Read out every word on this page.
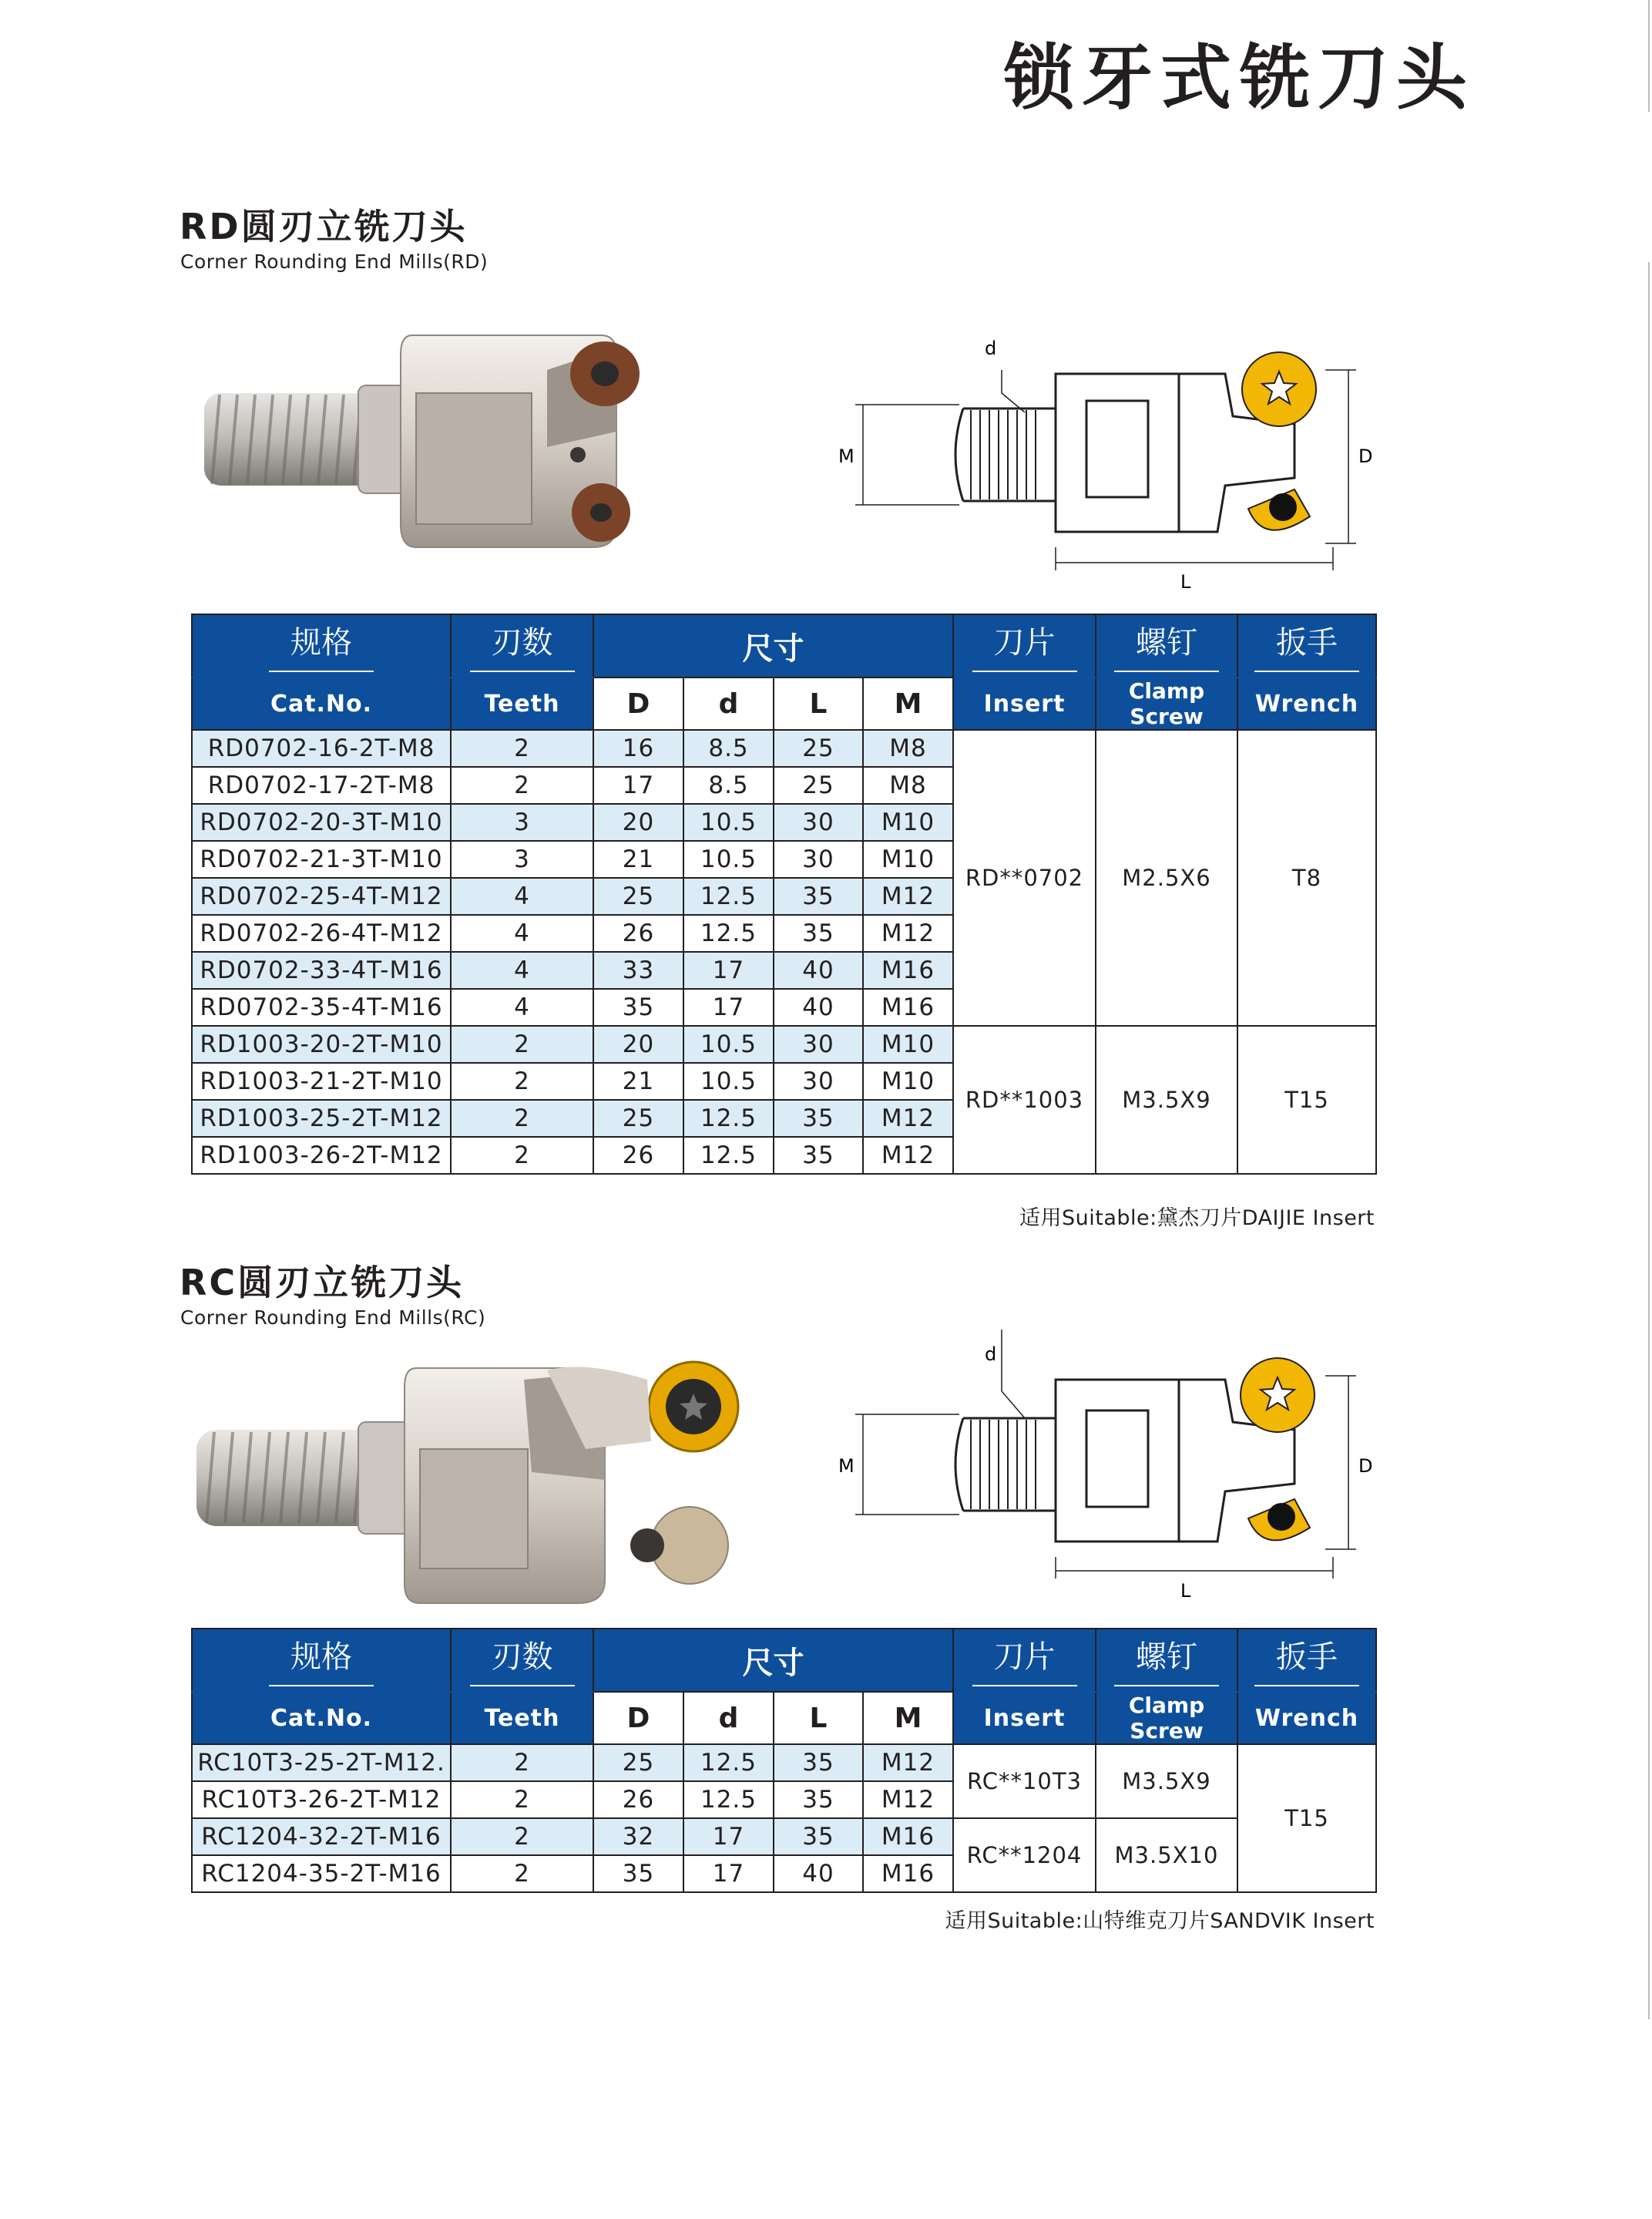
锁牙式铣刀头
RD圆刃立铣刀头
Corner Rounding End Mills(RD)
d
M	D
L
规格	刃数	尺寸				刀片	螺钉	扳手
Cat.No.	Teeth	D	d	L	M	Insert	Clamp Screw	Wrench
RD0702-16-2T-M8	2	16	8.5	25	M8	RD**0702	M2.5X6	T8
RD0702-17-2T-M8	2	17	8.5	25	M8			
RD0702-20-3T-M10	3	20	10.5	30	M10			
RD0702-21-3T-M10	3	21	10.5	30	M10			
RD0702-25-4T-M12	4	25	12.5	35	M12			
RD0702-26-4T-M12	4	26	12.5	35	M12			
RD0702-33-4T-M16	4	33	17	40	M16			
RD0702-35-4T-M16	4	35	17	40	M16			
RD1003-20-2T-M10	2	20	10.5	30	M10	RD**1003	M3.5X9	T15
RD1003-21-2T-M10	2	21	10.5	30	M10			
RD1003-25-2T-M12	2	25	12.5	35	M12			
RD1003-26-2T-M12	2	26	12.5	35	M12			
适用Suitable:黛杰刀片DAIJIE Insert
RC圆刃立铣刀头
Corner Rounding End Mills(RC)
d
M	D
L
规格	刃数	尺寸				刀片	螺钉	扳手
Cat.No.	Teeth	D	d	L	M	Insert	Clamp Screw	Wrench
RC10T3-25-2T-M12.	2	25	12.5	35	M12	RC**10T3	M3.5X9	T15
RC10T3-26-2T-M12	2	26	12.5	35	M12			
RC1204-32-2T-M16	2	32	17	35	M16	RC**1204	M3.5X10	
RC1204-35-2T-M16	2	35	17	40	M16			
适用Suitable:山特维克刀片SANDVIK Insert
